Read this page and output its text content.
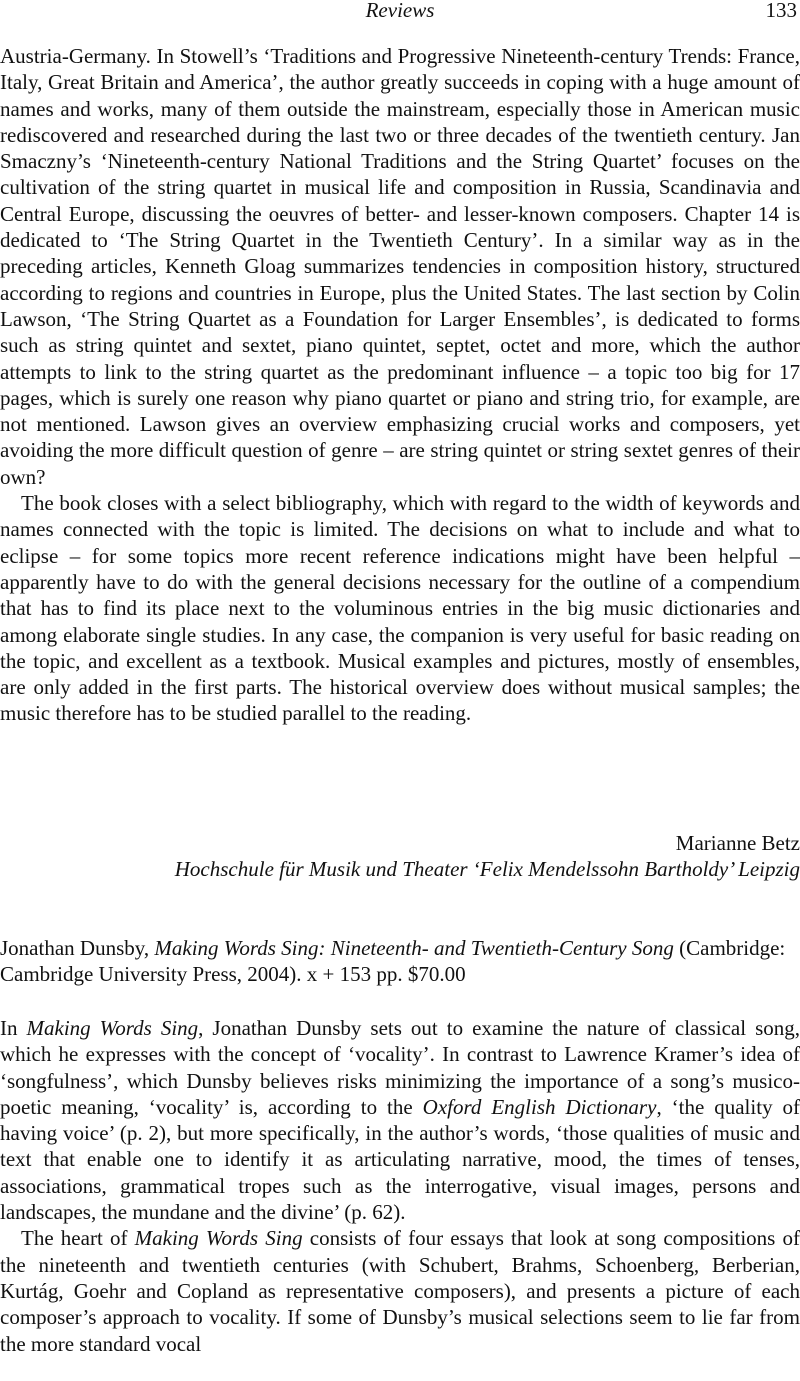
Reviews	133

Austria-Germany. In Stowell’s ‘Traditions and Progressive Nineteenth-century Trends: France, Italy, Great Britain and America’, the author greatly succeeds in coping with a huge amount of names and works, many of them outside the mainstream, especially those in American music rediscovered and researched during the last two or three decades of the twentieth century. Jan Smaczny’s ‘Nineteenth-century National Traditions and the String Quartet’ focuses on the cultivation of the string quartet in musical life and composition in Russia, Scandinavia and Central Europe, discussing the oeuvres of better- and lesser-known composers. Chapter 14 is dedicated to ‘The String Quartet in the Twentieth Century’. In a similar way as in the preceding articles, Kenneth Gloag summarizes tendencies in composition history, structured according to regions and countries in Europe, plus the United States. The last section by Colin Lawson, ‘The String Quartet as a Foundation for Larger Ensembles’, is dedicated to forms such as string quintet and sextet, piano quintet, septet, octet and more, which the author attempts to link to the string quartet as the predominant influence – a topic too big for 17 pages, which is surely one reason why piano quartet or piano and string trio, for example, are not mentioned. Lawson gives an overview emphasizing crucial works and composers, yet avoiding the more difficult question of genre – are string quintet or string sextet genres of their own?

The book closes with a select bibliography, which with regard to the width of keywords and names connected with the topic is limited. The decisions on what to include and what to eclipse – for some topics more recent reference indications might have been helpful – apparently have to do with the general decisions necessary for the outline of a compendium that has to find its place next to the voluminous entries in the big music dictionaries and among elaborate single studies. In any case, the companion is very useful for basic reading on the topic, and excellent as a textbook. Musical examples and pictures, mostly of ensembles, are only added in the first parts. The historical overview does without musical samples; the music therefore has to be studied parallel to the reading.

Marianne Betz
Hochschule für Musik und Theater ‘Felix Mendelssohn Bartholdy’ Leipzig

Jonathan Dunsby, Making Words Sing: Nineteenth- and Twentieth-Century Song (Cambridge: Cambridge University Press, 2004). x + 153 pp. $70.00

In Making Words Sing, Jonathan Dunsby sets out to examine the nature of classical song, which he expresses with the concept of ‘vocality’. In contrast to Lawrence Kramer’s idea of ‘songfulness’, which Dunsby believes risks minimizing the importance of a song’s musico-poetic meaning, ‘vocality’ is, according to the Oxford English Dictionary, ‘the quality of having voice’ (p. 2), but more specifically, in the author’s words, ‘those qualities of music and text that enable one to identify it as articulating narrative, mood, the times of tenses, associations, grammatical tropes such as the interrogative, visual images, persons and landscapes, the mundane and the divine’ (p. 62).

The heart of Making Words Sing consists of four essays that look at song compositions of the nineteenth and twentieth centuries (with Schubert, Brahms, Schoenberg, Berberian, Kurtág, Goehr and Copland as representative composers), and presents a picture of each composer’s approach to vocality. If some of Dunsby’s musical selections seem to lie far from the more standard vocal
